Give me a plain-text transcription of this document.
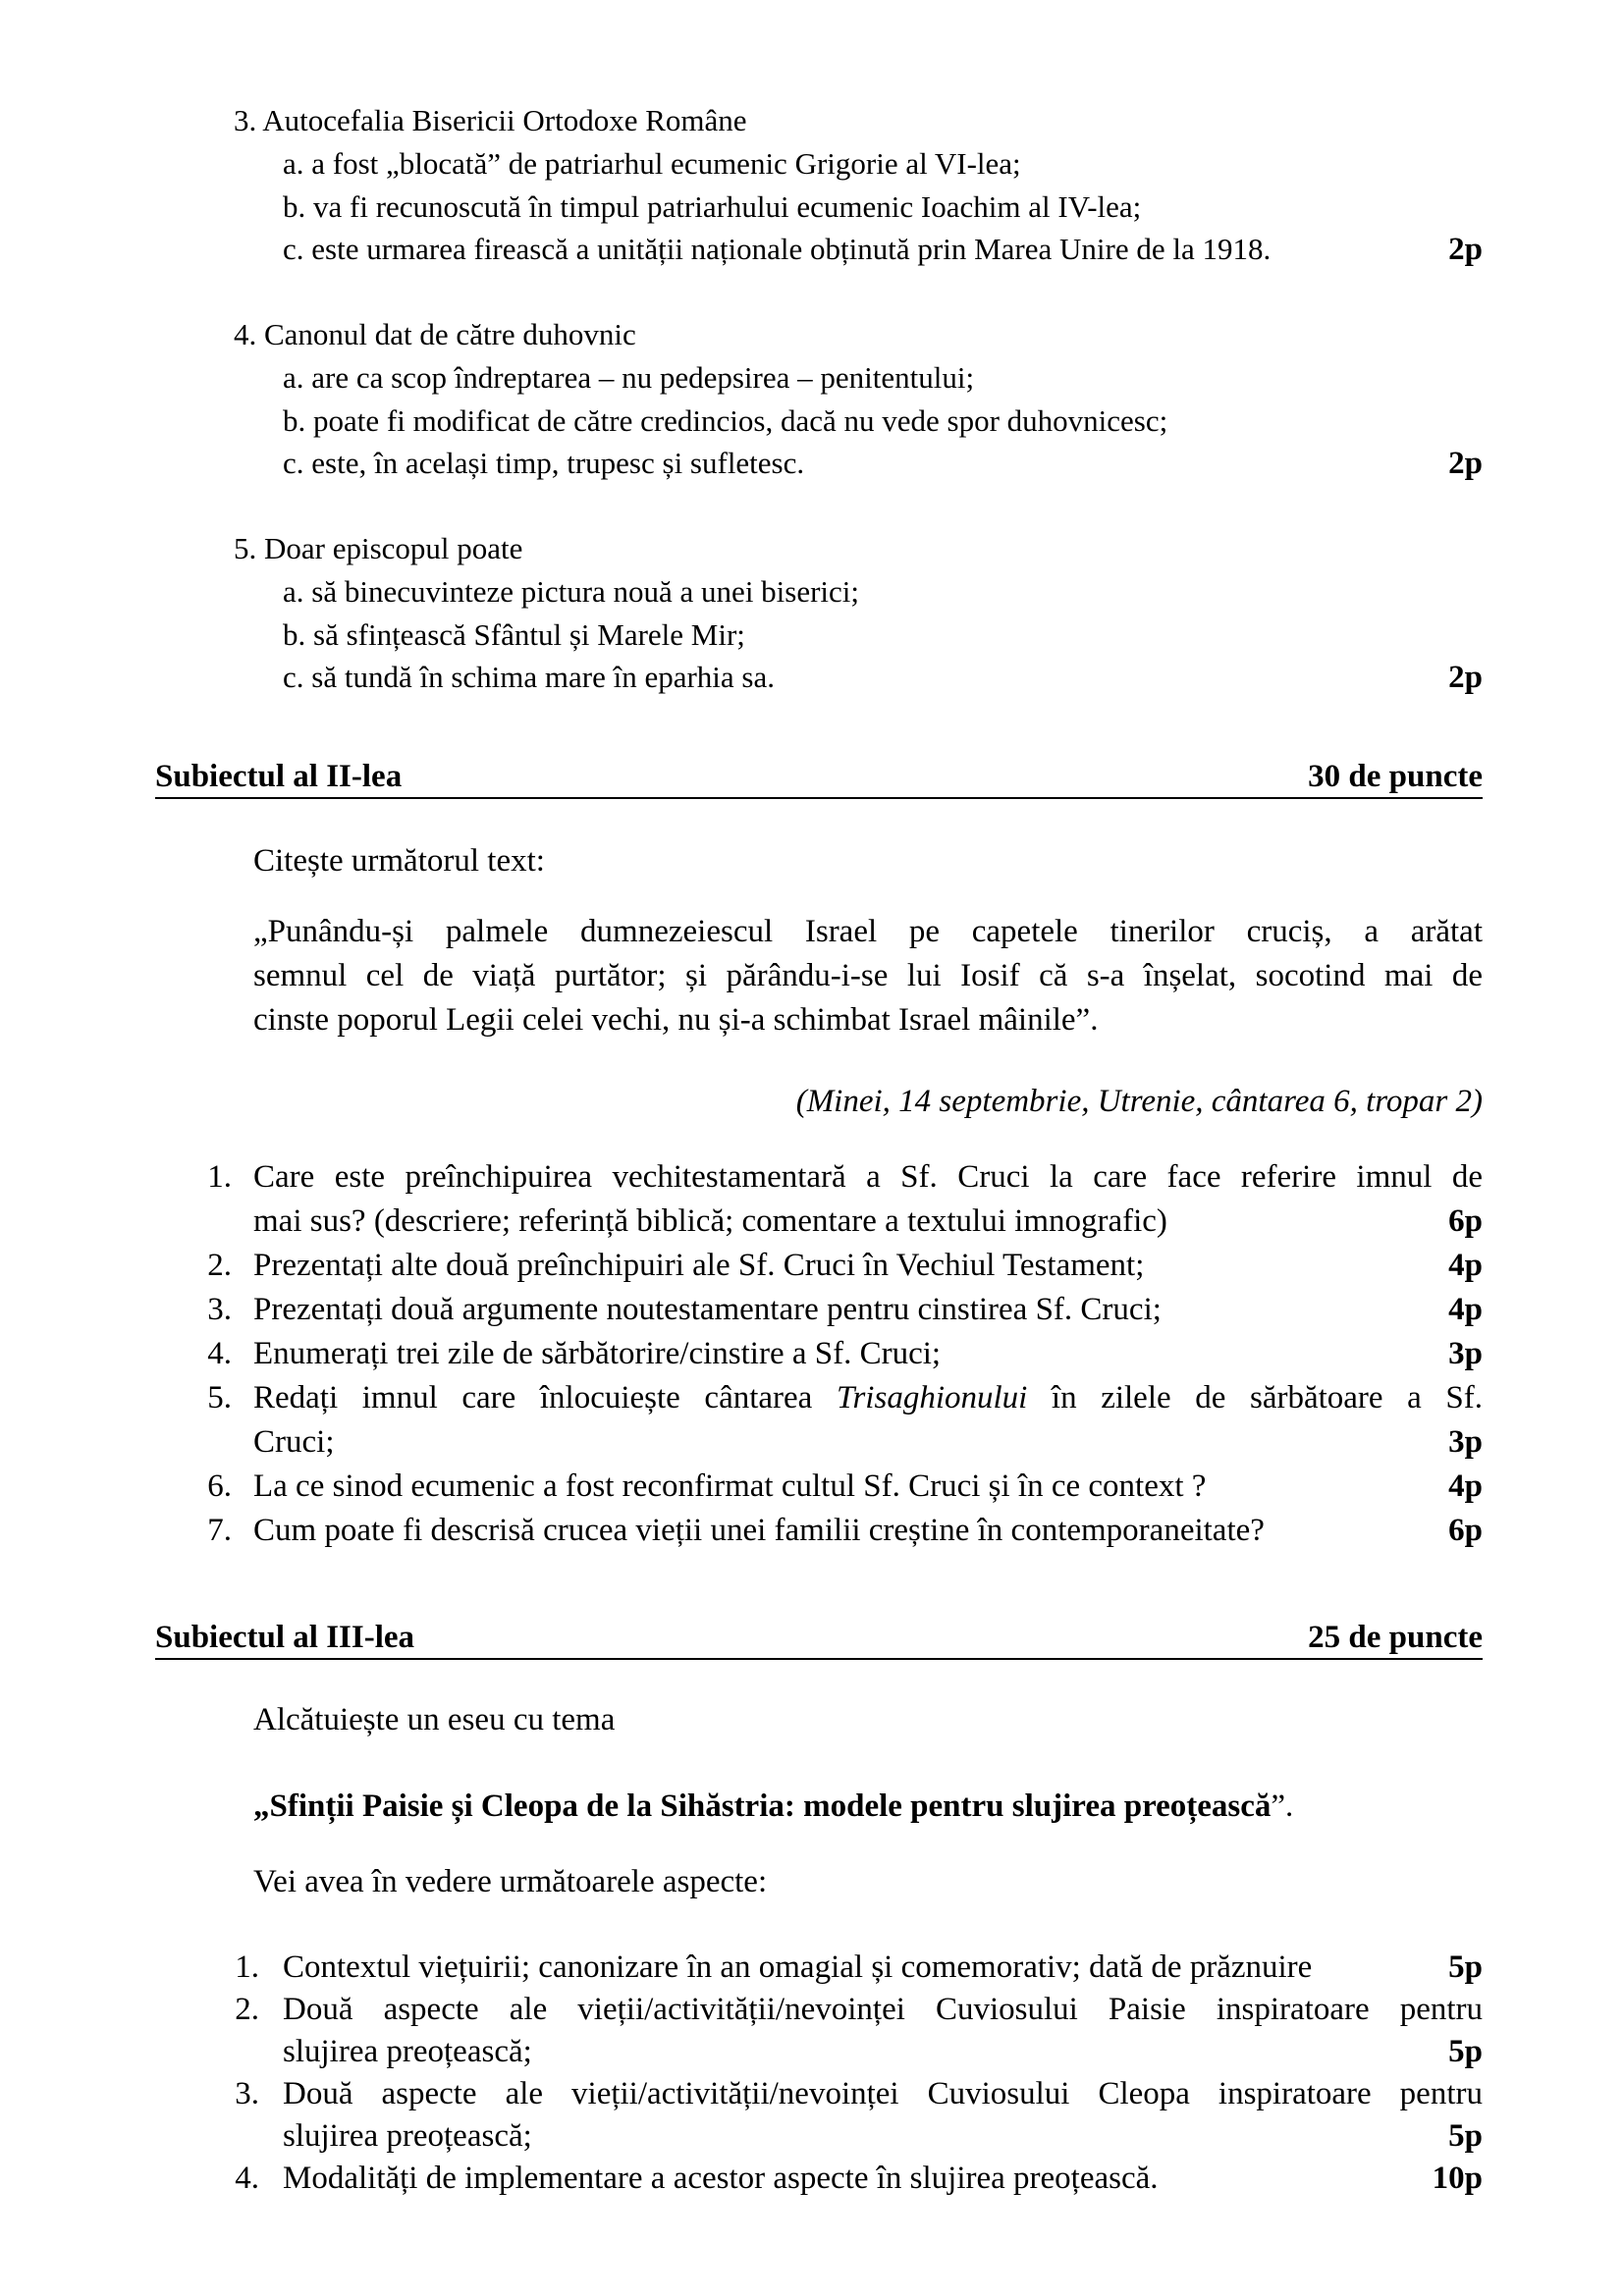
3. Autocefalia Bisericii Ortodoxe Române
a. a fost „blocată” de patriarhul ecumenic Grigorie al VI-lea;
b. va fi recunoscută în timpul patriarhului ecumenic Ioachim al IV-lea;
c. este urmarea firească a unității naționale obținută prin Marea Unire de la 1918.	2p
4. Canonul dat de către duhovnic
a. are ca scop îndreptarea – nu pedepsirea – penitentului;
b. poate fi modificat de către credincios, dacă nu vede spor duhovnicesc;
c. este, în același timp, trupesc și sufletesc.	2p
5. Doar episcopul poate
a. să binecuvinteze pictura nouă a unei biserici;
b. să sfințească Sfântul și Marele Mir;
c. să tundă în schima mare în eparhia sa.	2p
Subiectul al II-lea	30 de puncte
Citește următorul text:
„Punându-și palmele dumnezeiescul Israel pe capetele tinerilor cruciș, a arătat
semnul cel de viață purtător; și părându-i-se lui Iosif că s-a înșelat, socotind mai de
cinste poporul Legii celei vechi, nu și-a schimbat Israel mâinile”.
(Minei, 14 septembrie, Utrenie, cântarea 6, tropar 2)
1. Care este preînchipuirea vechitestamentară a Sf. Cruci la care face referire imnul de
mai sus? (descriere; referință biblică; comentare a textului imnografic)	6p
2. Prezentați alte două preînchipuiri ale Sf. Cruci în Vechiul Testament;	4p
3. Prezentați două argumente noutestamentare pentru cinstirea Sf. Cruci;	4p
4. Enumerați trei zile de sărbătorire/cinstire a Sf. Cruci;	3p
5. Redați imnul care înlocuiește cântarea Trisaghionului în zilele de sărbătoare a Sf.
Cruci;	3p
6. La ce sinod ecumenic a fost reconfirmat cultul Sf. Cruci și în ce context ?	4p
7. Cum poate fi descrisă crucea vieții unei familii creștine în contemporaneitate?	6p
Subiectul al III-lea	25 de puncte
Alcătuiește un eseu cu tema
„Sfinții Paisie și Cleopa de la Sihăstria: modele pentru slujirea preoțească”.
Vei avea în vedere următoarele aspecte:
1. Contextul viețuirii; canonizare în an omagial și comemorativ; dată de prăznuire	5p
2. Două aspecte ale vieții/activității/nevoinței Cuviosului Paisie inspiratoare pentru
slujirea preoțească;	5p
3. Două aspecte ale vieții/activității/nevoinței Cuviosului Cleopa inspiratoare pentru
slujirea preoțească;	5p
4. Modalități de implementare a acestor aspecte în slujirea preoțească.	10p
